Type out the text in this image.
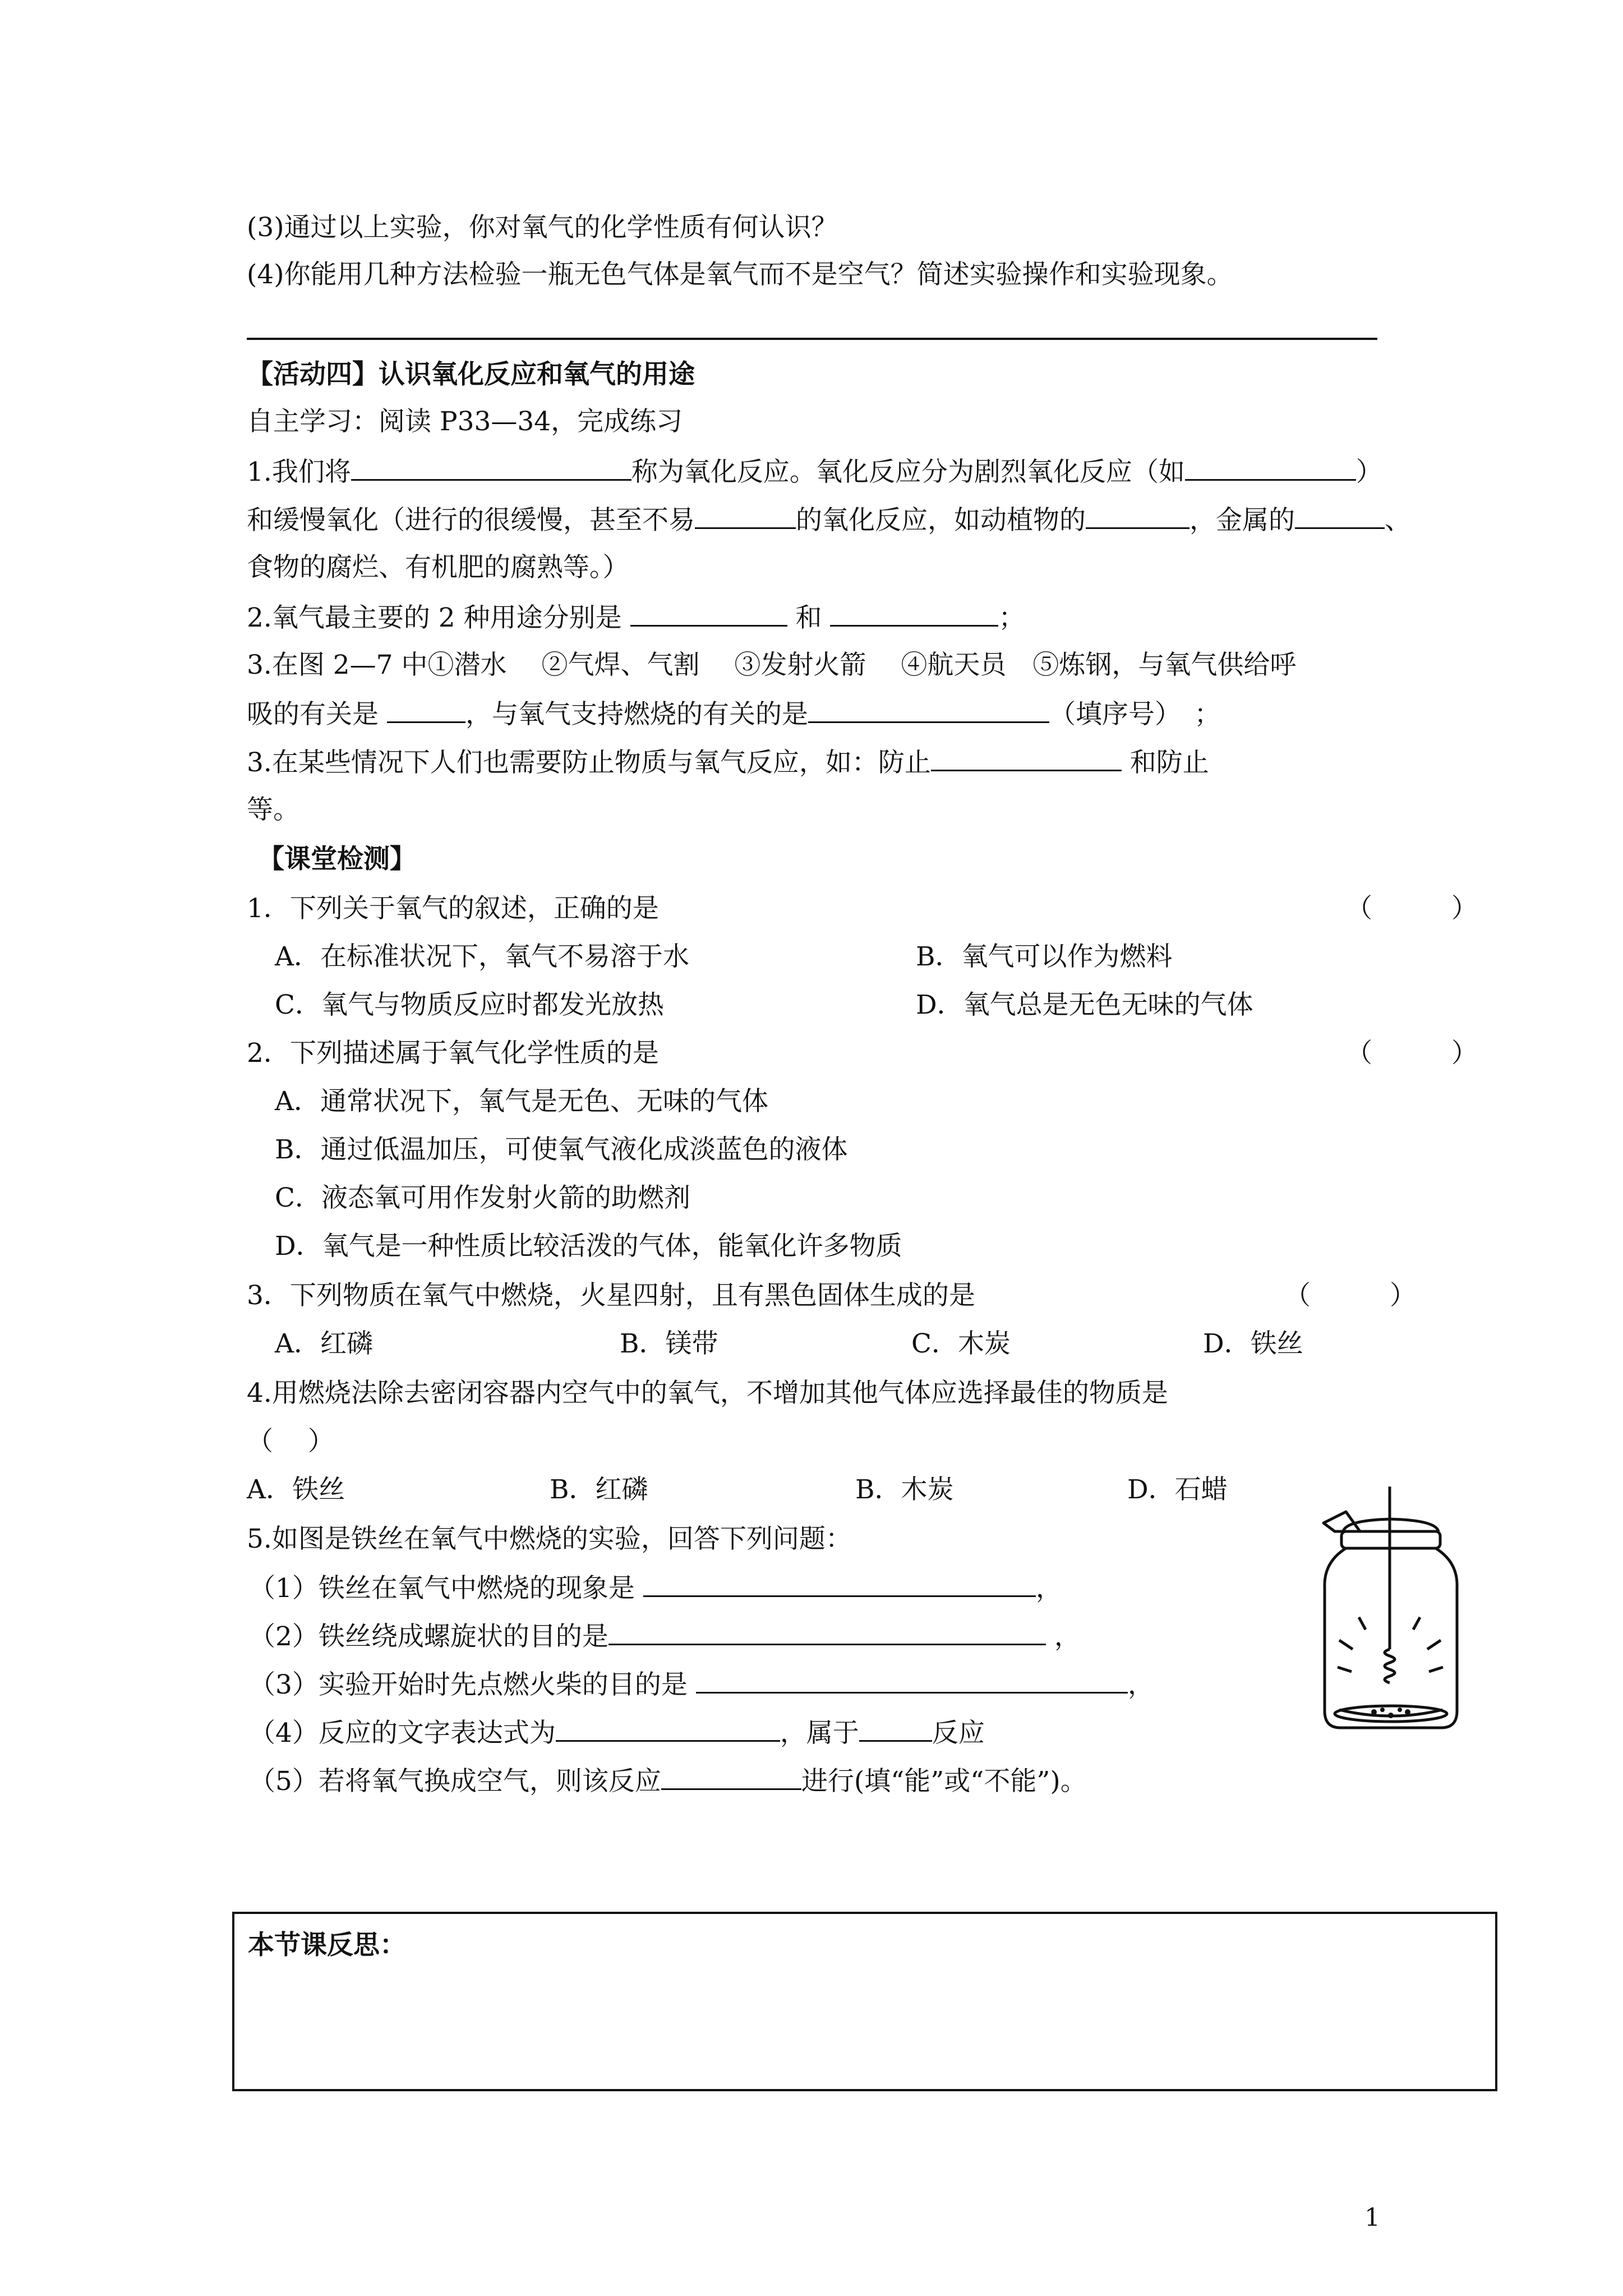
(3)通过以上实验，你对氧气的化学性质有何认识？
(4)你能用几种方法检验一瓶无色气体是氧气而不是空气？简述实验操作和实验现象。
【活动四】认识氧化反应和氧气的用途
自主学习：阅读 P33—34，完成练习
1.我们将	称为氧化反应。氧化反应分为剧烈氧化反应（如	）
和缓慢氧化（进行的很缓慢，甚至不易	的氧化反应，如动植物的	，金属的	、
食物的腐烂、有机肥的腐熟等。）
2.氧气最主要的 2 种用途分别是	和	；
3.在图 2—7 中①潜水　 ②气焊、气割　 ③发射火箭　 ④航天员　⑤炼钢，与氧气供给呼
吸的有关是	，与氧气支持燃烧的有关的是	（填序号）　；
3.在某些情况下人们也需要防止物质与氧气反应，如：防止	和防止
等。
【课堂检测】
1．下列关于氧气的叙述，正确的是	（　　　）
A．在标准状况下，氧气不易溶于水	B．氧气可以作为燃料
C．氧气与物质反应时都发光放热	D．氧气总是无色无味的气体
2．下列描述属于氧气化学性质的是	（　　　）
A．通常状况下，氧气是无色、无味的气体
B．通过低温加压，可使氧气液化成淡蓝色的液体
C．液态氧可用作发射火箭的助燃剂
D．氧气是一种性质比较活泼的气体，能氧化许多物质
3．下列物质在氧气中燃烧，火星四射，且有黑色固体生成的是	（　　　）
A．红磷	B．镁带	C．木炭	D．铁丝
4.用燃烧法除去密闭容器内空气中的氧气，不增加其他气体应选择最佳的物质是
（　 ）
A．铁丝	B．红磷	B．木炭	D．石蜡
5.如图是铁丝在氧气中燃烧的实验，回答下列问题：
（1）铁丝在氧气中燃烧的现象是	，
（2）铁丝绕成螺旋状的目的是	，
（3）实验开始时先点燃火柴的目的是	，
（4）反应的文字表达式为	，属于	反应
（5）若将氧气换成空气，则该反应	进行(填“能”或“不能”)。
本节课反思：
1
